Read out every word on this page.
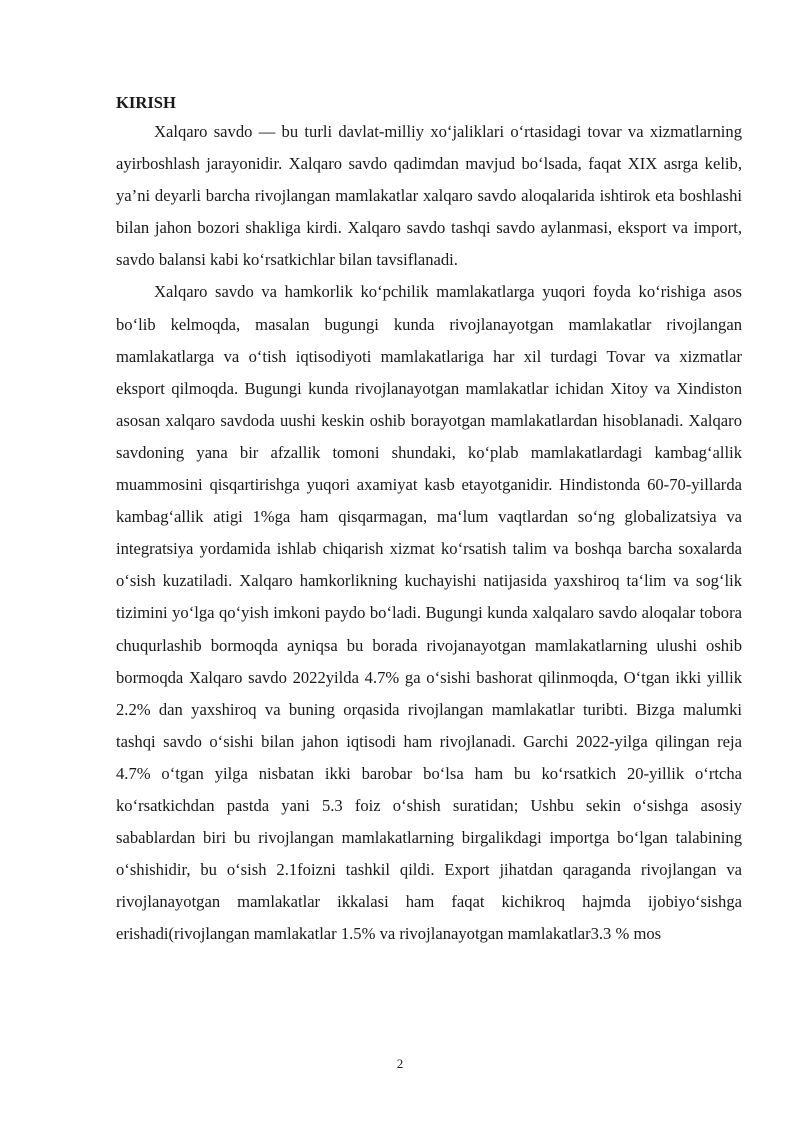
KIRISH

Xalqaro savdo — bu turli davlat-milliy xo‘jaliklari o‘rtasidagi tovar va xizmatlarning ayirboshlash jarayonidir. Xalqaro savdo qadimdan mavjud bo‘lsada, faqat XIX asrga kelib, ya’ni deyarli barcha rivojlangan mamlakatlar xalqaro savdo aloqalarida ishtirok eta boshlashi bilan jahon bozori shakliga kirdi. Xalqaro savdo tashqi savdo aylanmasi, eksport va import, savdo balansi kabi ko‘rsatkichlar bilan tavsiflanadi.

Xalqaro savdo va hamkorlik ko‘pchilik mamlakatlarga yuqori foyda ko‘rishiga asos bo‘lib kelmoqda, masalan bugungi kunda rivojlanayotgan mamlakatlar rivojlangan mamlakatlarga va o‘tish iqtisodiyoti mamlakatlariga har xil turdagi Tovar va xizmatlar eksport qilmoqda. Bugungi kunda rivojlanayotgan mamlakatlar ichidan Xitoy va Xindiston asosan xalqaro savdoda uushi keskin oshib borayotgan mamlakatlardan hisoblanadi. Xalqaro savdoning yana bir afzallik tomoni shundaki, ko‘plab mamlakatlardagi kambag‘allik muammosini qisqartirishga yuqori axamiyat kasb etayotganidir. Hindistonda 60-70-yillarda kambag‘allik atigi 1%ga ham qisqarmagan, ma‘lum vaqtlardan so‘ng globalizatsiya va integratsiya yordamida ishlab chiqarish xizmat ko‘rsatish talim va boshqa barcha soxalarda o‘sish kuzatiladi. Xalqaro hamkorlikning kuchayishi natijasida yaxshiroq ta‘lim va sog‘lik tizimini yo‘lga qo‘yish imkoni paydo bo‘ladi. Bugungi kunda xalqalaro savdo aloqalar tobora chuqurlashib bormoqda ayniqsa bu borada rivojanayotgan mamlakatlarning ulushi oshib bormoqda Xalqaro savdo 2022yilda 4.7% ga o‘sishi bashorat qilinmoqda, O‘tgan ikki yillik 2.2% dan yaxshiroq va buning orqasida rivojlangan mamlakatlar turibti. Bizga malumki tashqi savdo o‘sishi bilan jahon iqtisodi ham rivojlanadi. Garchi 2022-yilga qilingan reja 4.7% o‘tgan yilga nisbatan ikki barobar bo‘lsa ham bu ko‘rsatkich 20-yillik o‘rtcha ko‘rsatkichdan pastda yani 5.3 foiz o‘shish suratidan; Ushbu sekin o‘sishga asosiy sabablardan biri bu rivojlangan mamlakatlarning birgalikdagi importga bo‘lgan talabining o‘shishidir, bu o‘sish 2.1foizni tashkil qildi. Export jihatdan qaraganda rivojlangan va rivojlanayotgan mamlakatlar ikkalasi ham faqat kichikroq hajmda ijobiyo‘sishga erishadi(rivojlangan mamlakatlar 1.5% va rivojlanayotgan mamlakatlar3.3 % mos

2
